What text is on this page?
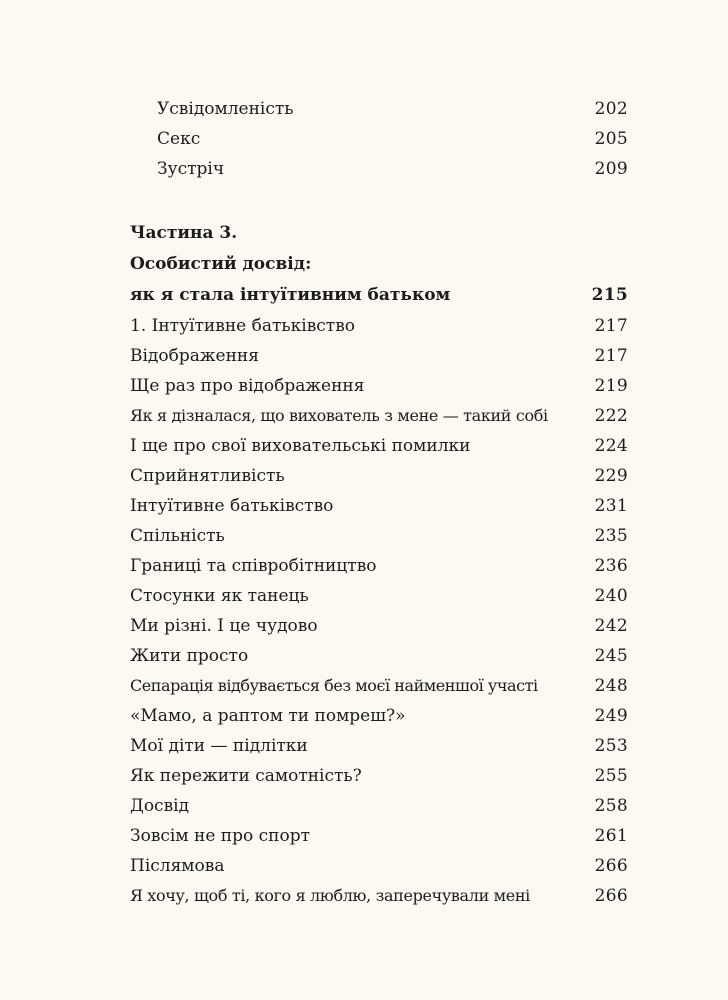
Усвідомленість	202
Секс	205
Зустріч	209
Частина 3.
Особистий досвід:
як я стала інтуїтивним батьком	215
1. Інтуїтивне батьківство	217
Відображення	217
Ще раз про відображення	219
Як я дізналася, що вихователь з мене — такий собі	222
І ще про свої виховательські помилки	224
Сприйнятливість	229
Інтуїтивне батьківство	231
Спільність	235
Границі та співробітництво	236
Стосунки як танець	240
Ми різні. І це чудово	242
Жити просто	245
Сепарація відбувається без моєї найменшої участі	248
«Мамо, а раптом ти помреш?»	249
Мої діти — підлітки	253
Як пережити самотність?	255
Досвід	258
Зовсім не про спорт	261
Післямова	266
Я хочу, щоб ті, кого я люблю, заперечували мені	266
